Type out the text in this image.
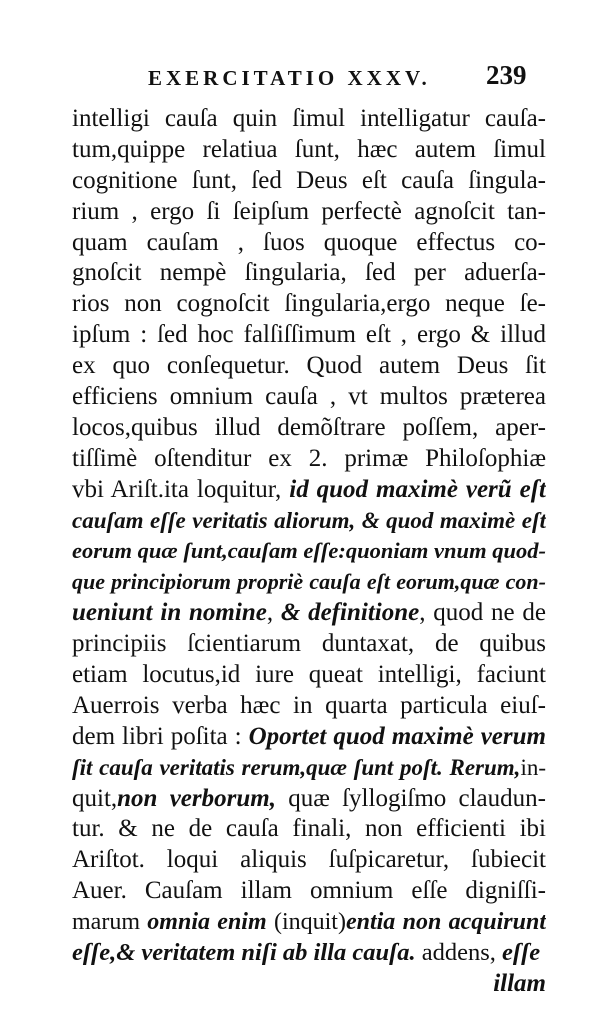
EXERCITATIO XXXV. 239
intelligi cauſa quin ſimul intelligatur cauſa-
tum,quippe relatiua ſunt, hæc autem ſimul
cognitione ſunt, ſed Deus eſt cauſa ſingula-
rium , ergo ſi ſeipſum perfectè agnoſcit tan-
quam cauſam , ſuos quoque effectus co-
gnoſcit nempè ſingularia, ſed per aduerſa-
rios non cognoſcit ſingularia,ergo neque ſe-
ipſum : ſed hoc falſiſſimum eſt , ergo & illud
ex quo conſequetur. Quod autem Deus ſit
efficiens omnium cauſa , vt multos præterea
locos,quibus illud demõſtrare poſſem, aper-
tiſſimè oſtenditur ex 2. primæ Philoſophiæ
vbi Ariſt.ita loquitur, id quod maximè verũ eſt
cauſam eſſe veritatis aliorum, & quod maximè eſt
eorum quæ ſunt,cauſam eſſe:quoniam vnum quod-
que principiorum propriè cauſa eſt eorum,quæ con-
ueniunt in nomine, & definitione, quod ne de
principiis ſcientiarum duntaxat, de quibus
etiam locutus,id iure queat intelligi, faciunt
Auerrois verba hæc in quarta particula eiuſ-
dem libri poſita : Oportet quod maximè verum
ſit cauſa veritatis rerum,quæ ſunt poſt. Rerum,in-
quit,non verborum, quæ ſyllogiſmo claudun-
tur. & ne de cauſa finali, non efficienti ibi
Ariſtot. loqui aliquis ſuſpicaretur, ſubiecit
Auer. Cauſam illam omnium eſſe digniſſi-
marum omnia enim (inquit)entia non acquirunt
eſſe,& veritatem niſi ab illa cauſa. addens, eſſe
illam
